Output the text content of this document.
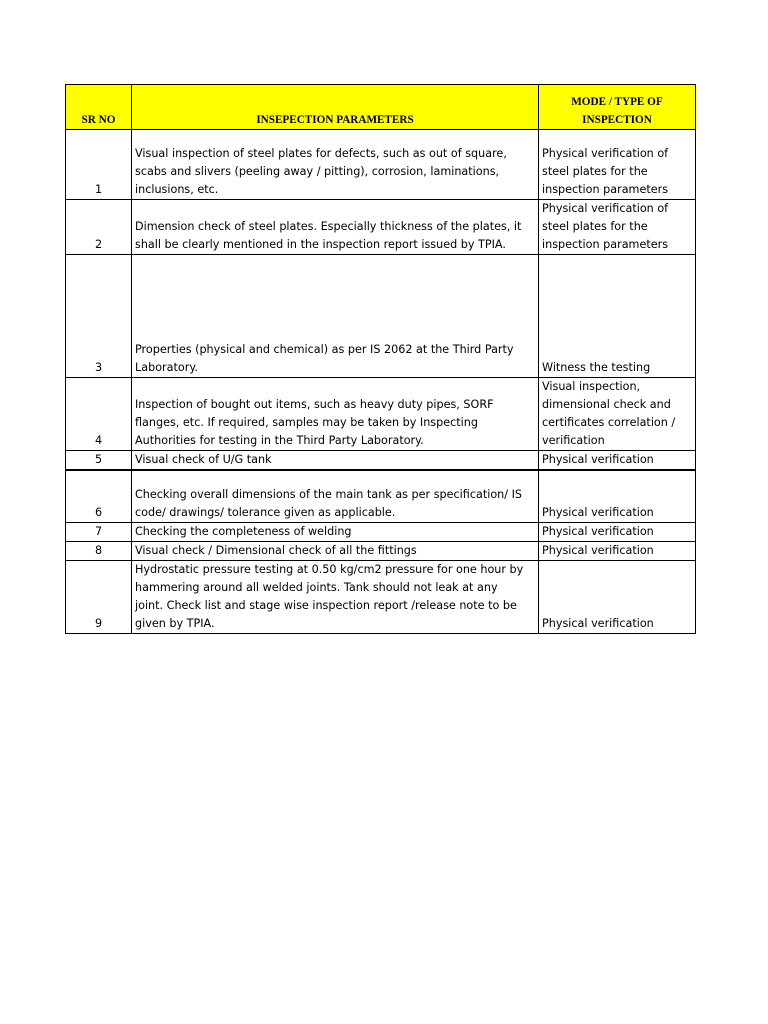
SR NO	INSEPECTION PARAMETERS	MODE / TYPE OF
INSPECTION
1	Visual inspection of steel plates for defects, such as out of square,
scabs and slivers (peeling away / pitting), corrosion, laminations,
inclusions, etc.	Physical verification of
steel plates for the
inspection parameters
2	Dimension check of steel plates. Especially thickness of the plates, it
shall be clearly mentioned in the inspection report issued by TPIA.	Physical verification of
steel plates for the
inspection parameters
3	Properties (physical and chemical) as per IS 2062 at the Third Party
Laboratory.	Witness the testing
4	Inspection of bought out items, such as heavy duty pipes, SORF
flanges, etc. If required, samples may be taken by Inspecting
Authorities for testing in the Third Party Laboratory.	Visual inspection,
dimensional check and
certificates correlation /
verification
5	Visual check of U/G tank	Physical verification
6	Checking overall dimensions of the main tank as per specification/ IS
code/ drawings/ tolerance given as applicable.	Physical verification
7	Checking the completeness of welding	Physical verification
8	Visual check / Dimensional check of all the fittings	Physical verification
9	Hydrostatic pressure testing at 0.50 kg/cm2 pressure for one hour by
hammering around all welded joints. Tank should not leak at any
joint. Check list and stage wise inspection report /release note to be
given by TPIA.	Physical verification
